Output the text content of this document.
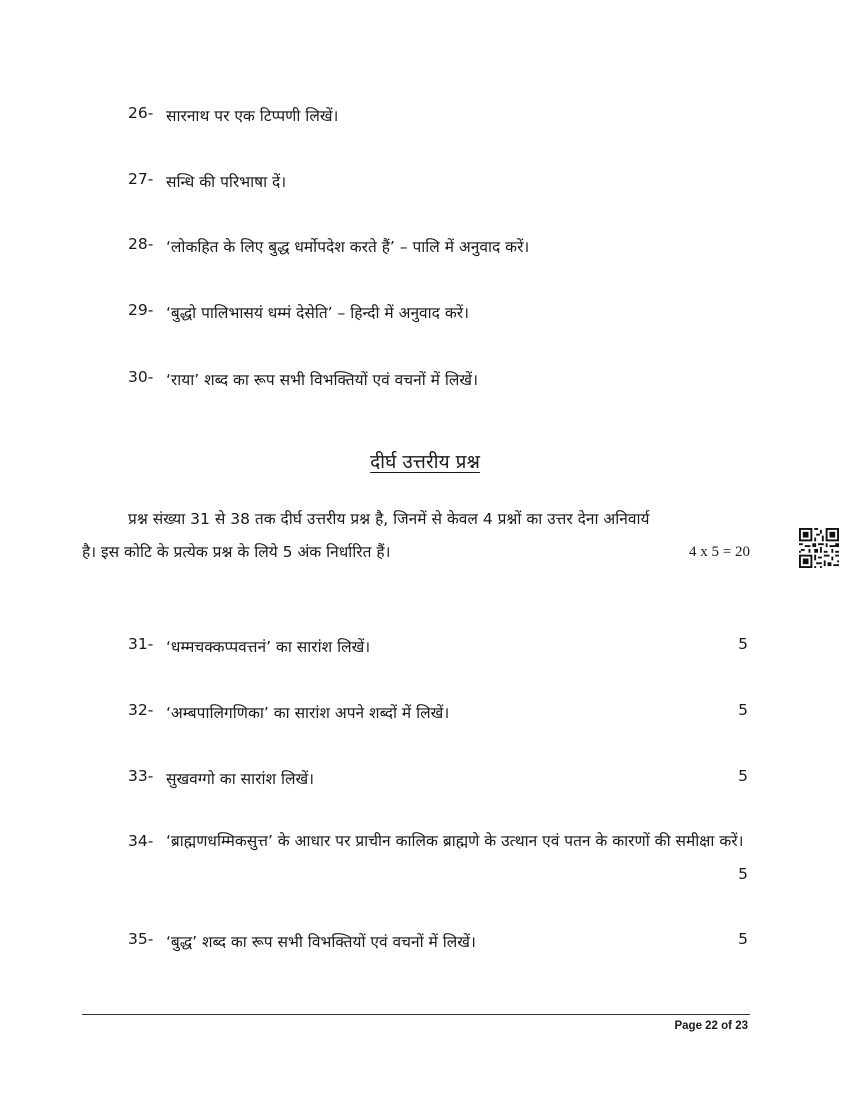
26- सारनाथ पर एक टिप्पणी लिखें।
27- सन्धि की परिभाषा दें।
28- ‘लोकहित के लिए बुद्ध धर्मोपदेश करते हैं’ – पालि में अनुवाद करें।
29- ‘बुद्धो पालिभासयं धम्मं देसेति’ – हिन्दी में अनुवाद करें।
30- ‘राया’ शब्द का रूप सभी विभक्तियों एवं वचनों में लिखें।
दीर्घ उत्तरीय प्रश्न
प्रश्न संख्या 31 से 38 तक दीर्घ उत्तरीय प्रश्न है, जिनमें से केवल 4 प्रश्नों का उत्तर देना अनिवार्य
है। इस कोटि के प्रत्येक प्रश्न के लिये 5 अंक निर्धारित हैं।	4 x 5 = 20
31- ‘धम्मचक्कप्पवत्तनं’ का सारांश लिखें।	5
32- ‘अम्बपालिगणिका’ का सारांश अपने शब्दों में लिखें।	5
33- सुखवग्गो का सारांश लिखें।	5
34- ‘ब्राह्मणधम्मिकसुत्त’ के आधार पर प्राचीन कालिक ब्राह्मणे के उत्थान एवं पतन के कारणों की समीक्षा करें।
5
35- ‘बुद्ध’ शब्द का रूप सभी विभक्तियों एवं वचनों में लिखें।	5
Page 22 of 23
